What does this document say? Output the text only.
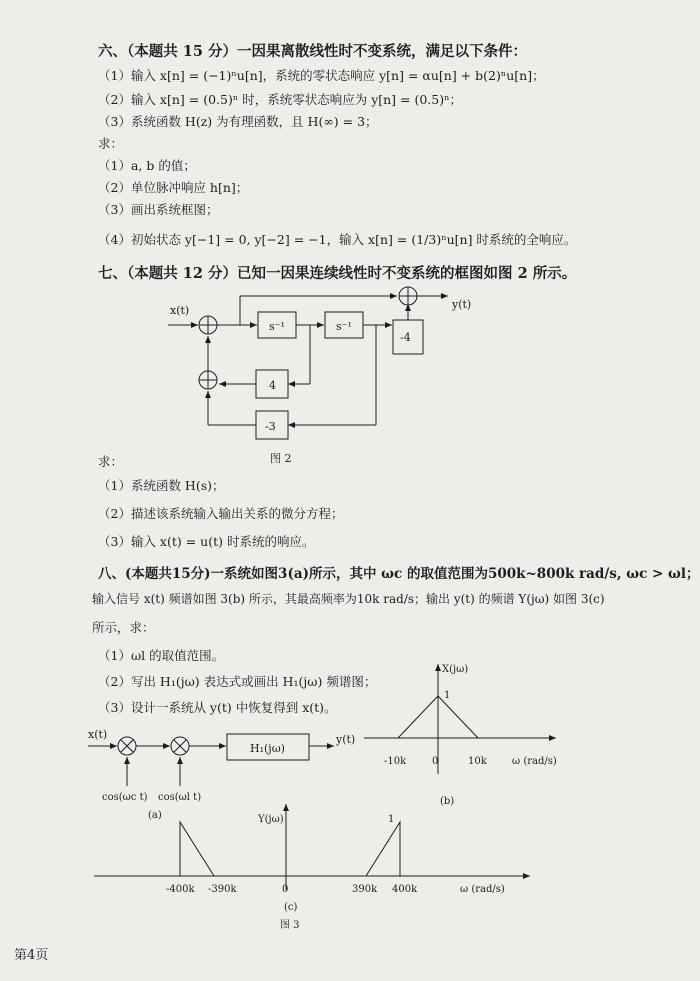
六、（本题共 15 分）一因果离散线性时不变系统，满足以下条件：
（1）输入 x[n] = (−1)ⁿu[n]，系统的零状态响应 y[n] = αu[n] + b(2)ⁿu[n]；
（2）输入 x[n] = (0.5)ⁿ 时，系统零状态响应为 y[n] = (0.5)ⁿ；
（3）系统函数 H(z) 为有理函数，且 H(∞) = 3；
求：
（1）a, b 的值；
（2）单位脉冲响应 h[n]；
（3）画出系统框图；
（4）初始状态 y[−1] = 0, y[−2] = −1，输入 x[n] = (1/3)ⁿu[n] 时系统的全响应。
七、（本题共 12 分）已知一因果连续线性时不变系统的框图如图 2 所示。
x(t)
s⁻¹	s⁻¹
-4
y(t)
4
-3
图 2
求：
（1）系统函数 H(s)；
（2）描述该系统输入输出关系的微分方程；
（3）输入 x(t) = u(t) 时系统的响应。
八、(本题共15分)一系统如图3(a)所示，其中 ωc 的取值范围为500k~800k rad/s, ωc > ωl；
输入信号 x(t) 频谱如图 3(b) 所示，其最高频率为10k rad/s；输出 y(t) 的频谱 Y(jω) 如图 3(c)
所示，求：
（1）ωl 的取值范围。
（2）写出 H₁(jω) 表达式或画出 H₁(jω) 频谱图；
（3）设计一系统从 y(t) 中恢复得到 x(t)。
x(t)
cos(ωc t) cos(ωl t)
H₁(jω)
y(t)
(a)
X(jω)
1
-10k	0	10k	ω (rad/s)
(b)
Y(jω)	1
-400k -390k	0	390k 400k	ω (rad/s)
(c)
图 3
第4页
